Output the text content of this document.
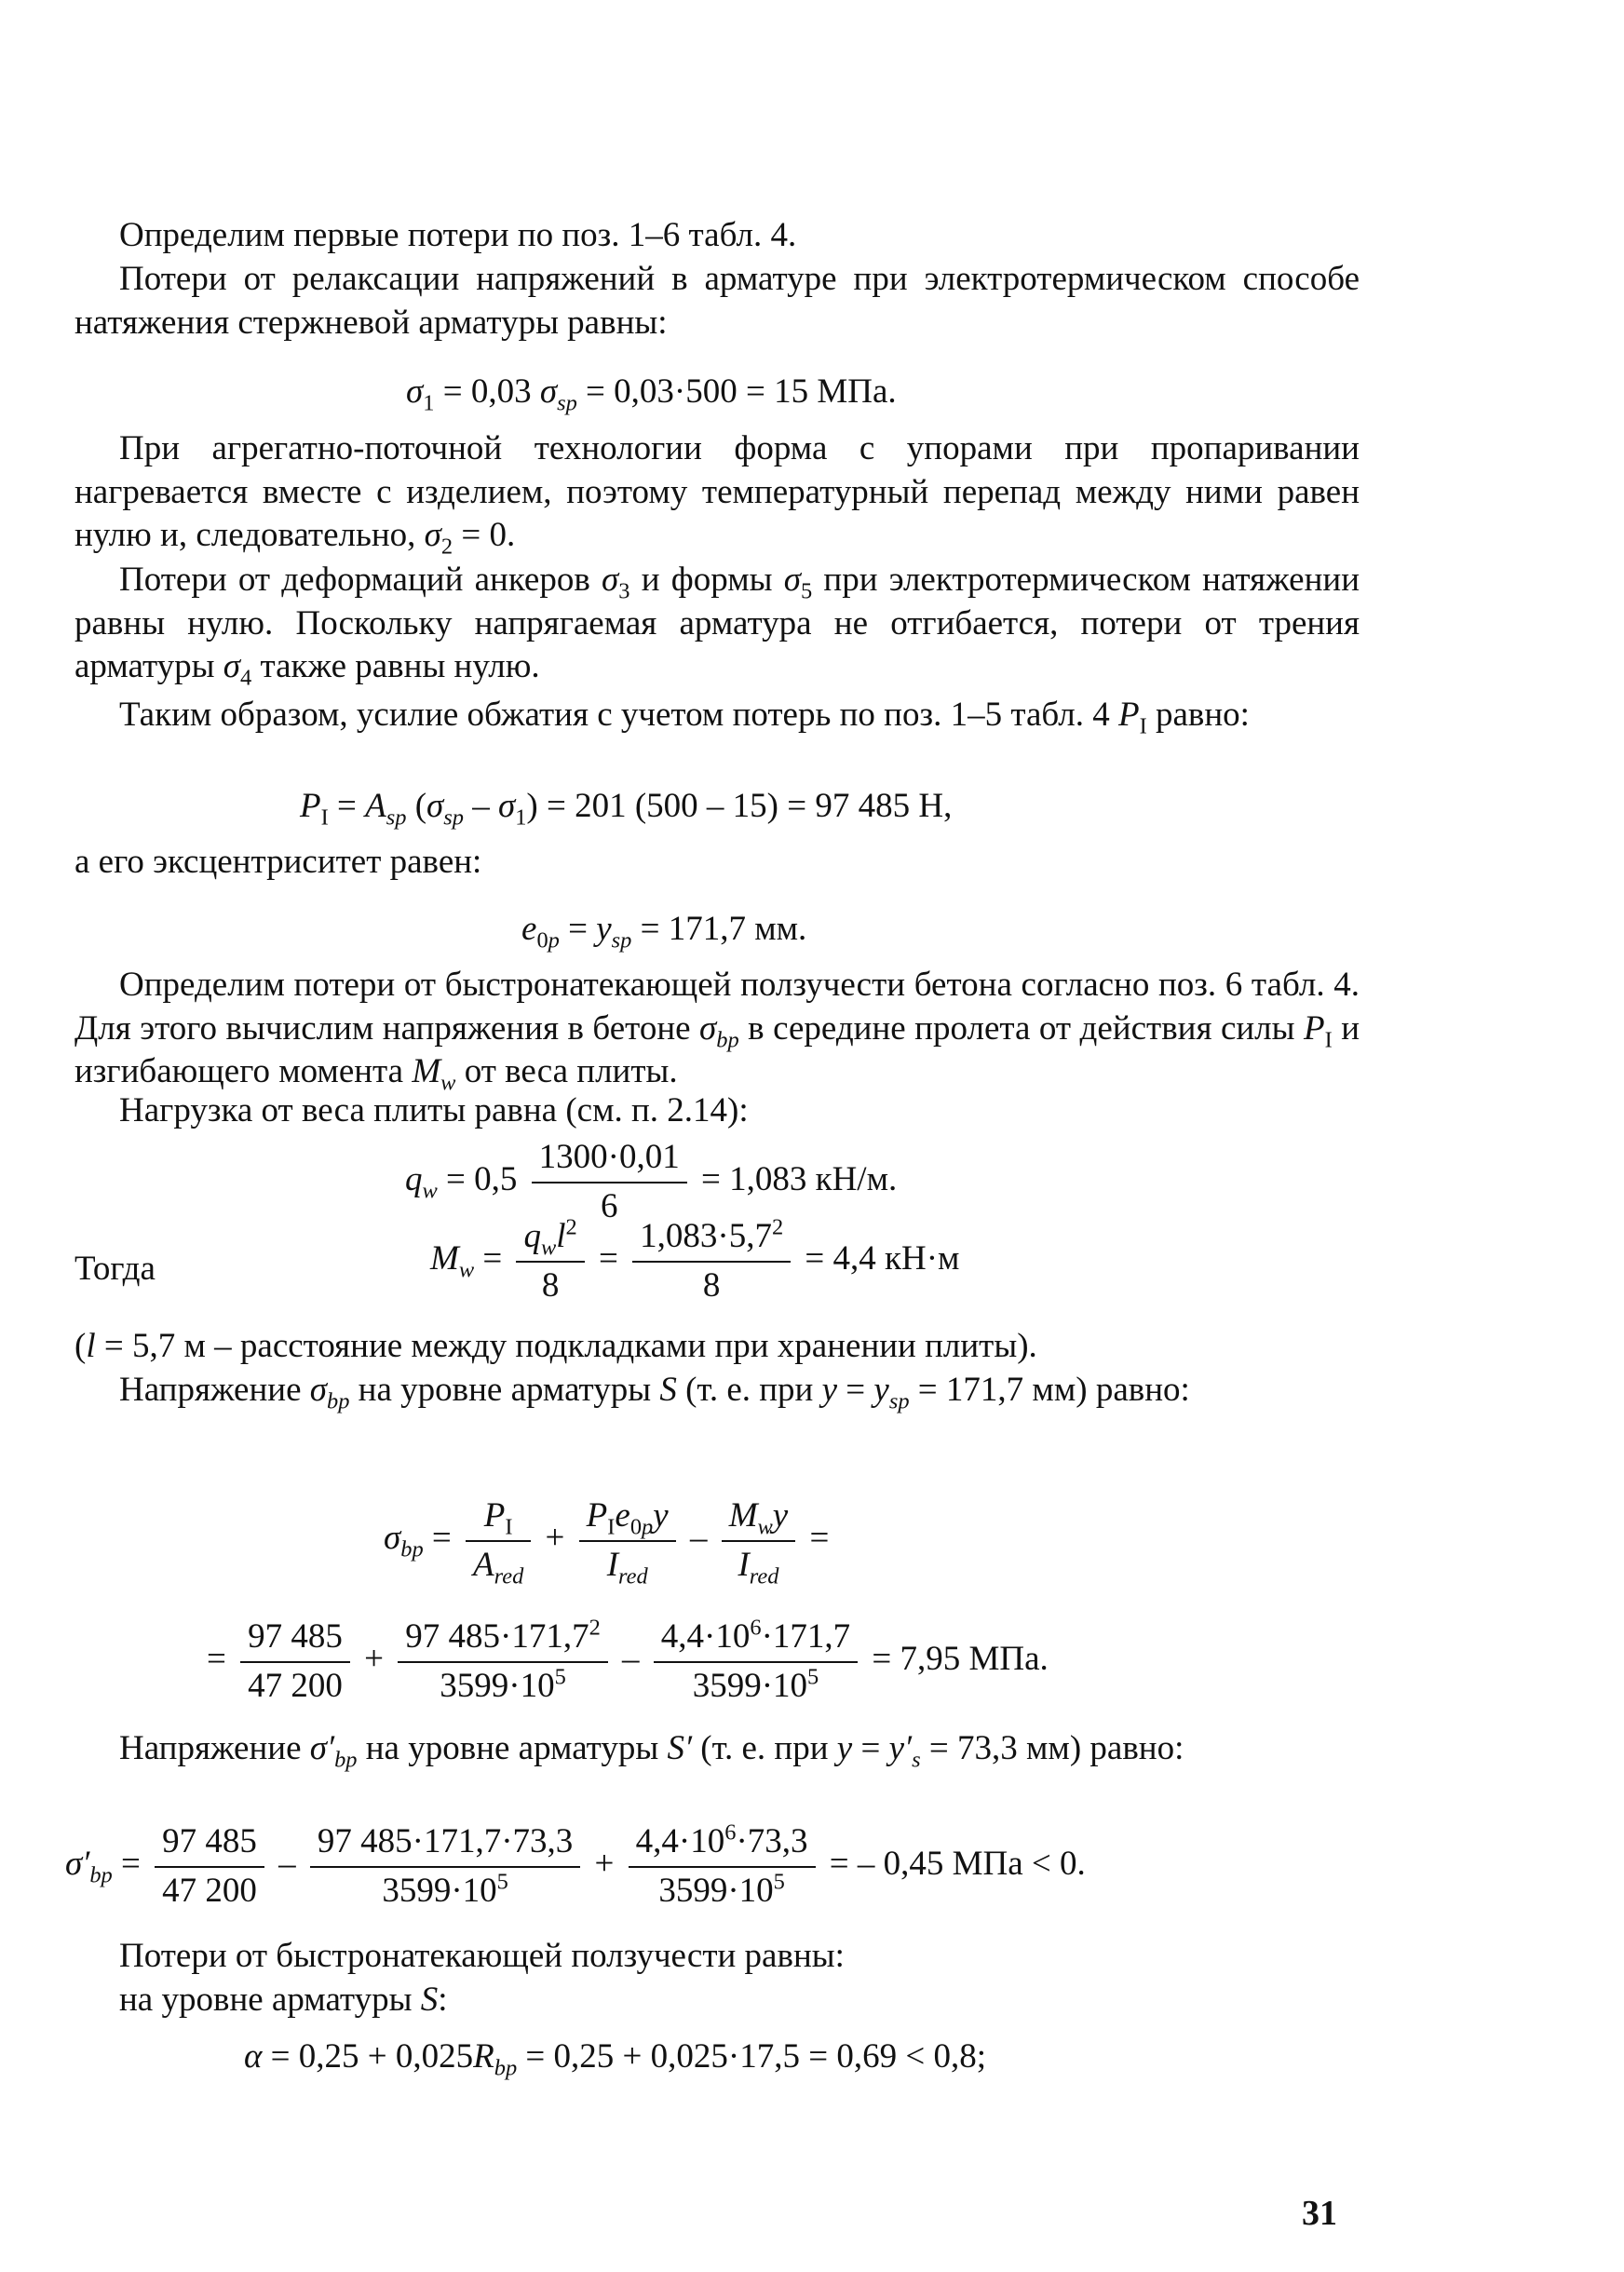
Определим первые потери по поз. 1–6 табл. 4.

Потери от релаксации напряжений в арматуре при электротермическом способе натяжения стержневой арматуры равны:

$\sigma_1 = 0,03$ $\sigma_{sp} = 0,03\cdot 500 = 15$ МПа.

При агрегатно-поточной технологии форма с упорами при пропаривании нагревается вместе с изделием, поэтому температурный перепад между ними равен нулю и, следовательно, $\sigma_2 = 0$.

Потери от деформаций анкеров $\sigma_3$ и формы $\sigma_5$ при электротермическом натяжении равны нулю. Поскольку напрягаемая арматура не отгибается, потери от трения арматуры $\sigma_4$ также равны нулю.

Таким образом, усилие обжатия с учетом потерь по поз. 1–5 табл. 4 $P_I$ равно:

$P_I = A_{sp}$ $(\sigma_{sp} - \sigma_1) = 201$ (500 – 15) = 97 485 Н,

а его эксцентриситет равен:

$e_{0p} = y_{sp} = 171,7$ мм.

Определим потери от быстронатекающей ползучести бетона согласно поз. 6 табл. 4. Для этого вычислим напряжения в бетоне $\sigma_{bp}$ в середине пролета от действия силы $P_I$ и изгибающего момента $M_w$ от веса плиты.

Нагрузка от веса плиты равна (см. п. 2.14):

$q_w = 0,5 \frac{1300\cdot 0,01}{6} = 1,083$ кН/м.

Тогда	$M_w = \frac{q_wl^2}{8} = \frac{1,083\cdot 5,7^2}{8} = 4,4$ кН·м

(l = 5,7 м – расстояние между подкладками при хранении плиты).

Напряжение $\sigma_{bp}$ на уровне арматуры S (т. е. при $y = y_{sp} = 171,7$ мм) равно:

$\sigma_{bp} = \frac{P_I}{A_{red}} + \frac{P_Ie_{0p}y}{I_{red}} - \frac{M_wy}{I_{red}}$ =
= $\frac{97 485}{47 200} + \frac{97 485\cdot 171,7^2}{3599\cdot 10^5} - \frac{4,4\cdot 10^6\cdot 171,7}{3599\cdot 10^5} = 7,95$ МПа.

Напряжение $\sigma'_{bp}$ на уровне арматуры S′ (т. е. при $y = y'_s = 73,3$ мм) равно:

$\sigma'_{bp} = \frac{97 485}{47 200} - \frac{97 485\cdot 171,7\cdot 73,3}{3599\cdot 10^5} + \frac{4,4\cdot 10^6\cdot 73,3}{3599\cdot 10^5}$ = – 0,45 МПа < 0.

Потери от быстронатекающей ползучести равны:

на уровне арматуры S:

$\alpha = 0,25 + 0,025R_{bp} = 0,25 + 0,025\cdot 17,5 = 0,69 < 0,8$;

31
